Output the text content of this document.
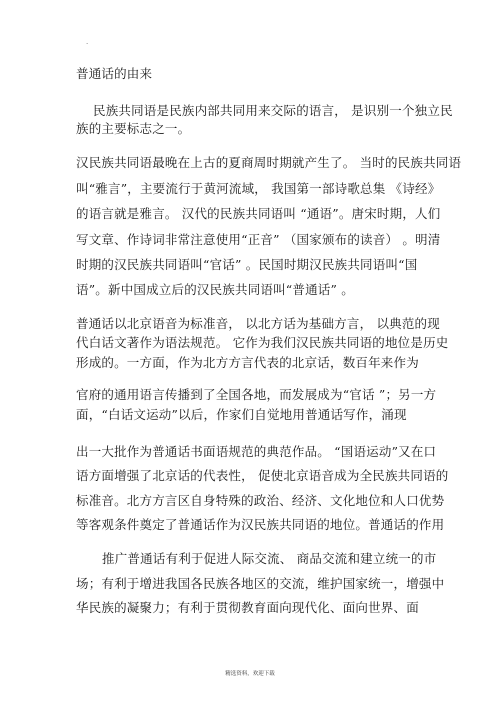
.
普通话的由来
民族共同语是民族内部共同用来交际的语言， 是识别一个独立民
族的主要标志之一。
汉民族共同语最晚在上古的夏商周时期就产生了。 当时的民族共同语
叫“雅言”，主要流行于黄河流域， 我国第一部诗歌总集 《诗经》
的语言就是雅言。 汉代的民族共同语叫 “通语”。唐宋时期，人们
写文章、作诗词非常注意使用“正音” （国家颁布的读音） 。明清
时期的汉民族共同语叫“官话” 。民国时期汉民族共同语叫“国
语”。新中国成立后的汉民族共同语叫“普通话” 。
普通话以北京语音为标准音， 以北方话为基础方言， 以典范的现
代白话文著作为语法规范。 它作为我们汉民族共同语的地位是历史
形成的。一方面，作为北方方言代表的北京话，数百年来作为
官府的通用语言传播到了全国各地，而发展成为“官话 ”；另一方
面，“白话文运动”以后，作家们自觉地用普通话写作，涌现
出一大批作为普通话书面语规范的典范作品。 “国语运动”又在口
语方面增强了北京话的代表性， 促使北京语音成为全民族共同语的
标准音。北方方言区自身特殊的政治、经济、文化地位和人口优势
等客观条件奠定了普通话作为汉民族共同语的地位。普通话的作用
推广普通话有利于促进人际交流、 商品交流和建立统一的市
场；有利于增进我国各民族各地区的交流，维护国家统一，增强中
华民族的凝聚力；有利于贯彻教育面向现代化、面向世界、面
精选资料，欢迎下载
